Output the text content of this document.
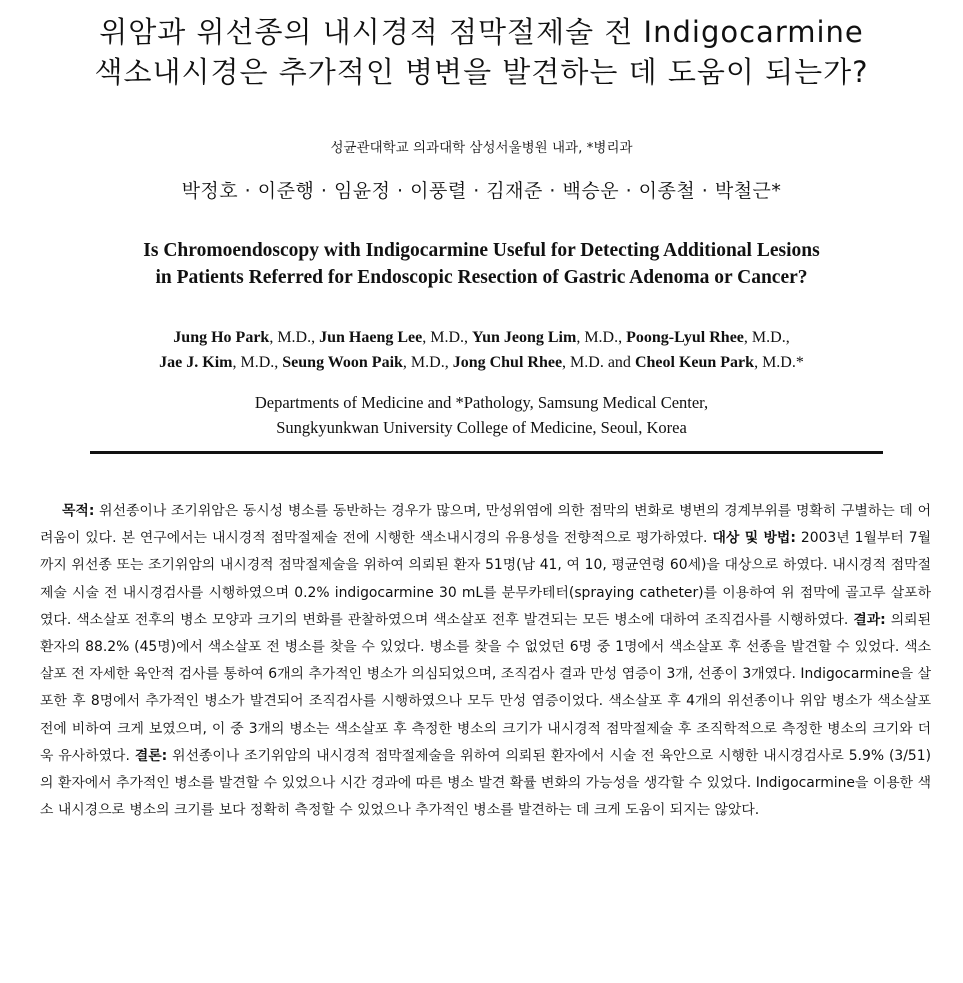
위암과 위선종의 내시경적 점막절제술 전 Indigocarmine
색소내시경은 추가적인 병변을 발견하는 데 도움이 되는가?
성균관대학교 의과대학 삼성서울병원 내과, *병리과
박정호 · 이준행 · 임윤정 · 이풍렬 · 김재준 · 백승운 · 이종철 · 박철근*
Is Chromoendoscopy with Indigocarmine Useful for Detecting Additional Lesions
in Patients Referred for Endoscopic Resection of Gastric Adenoma or Cancer?
Jung Ho Park, M.D., Jun Haeng Lee, M.D., Yun Jeong Lim, M.D., Poong-Lyul Rhee, M.D.,
Jae J. Kim, M.D., Seung Woon Paik, M.D., Jong Chul Rhee, M.D. and Cheol Keun Park, M.D.*
Departments of Medicine and *Pathology, Samsung Medical Center,
Sungkyunkwan University College of Medicine, Seoul, Korea
목적: 위선종이나 조기위암은 동시성 병소를 동반하는 경우가 많으며, 만성위염에 의한 점막의 변화로 병변의 경계부위를 명확히 구별하는 데 어려움이 있다. 본 연구에서는 내시경적 점막절제술 전에 시행한 색소내시경의 유용성을 전향적으로 평가하였다. 대상 및 방법: 2003년 1월부터 7월까지 위선종 또는 조기위암의 내시경적 점막절제술을 위하여 의뢰된 환자 51명(남 41, 여 10, 평균연령 60세)을 대상으로 하였다. 내시경적 점막절제술 시술 전 내시경검사를 시행하였으며 0.2% indigocarmine 30 mL를 분무카테터(spraying catheter)를 이용하여 위 점막에 골고루 살포하였다. 색소살포 전후의 병소 모양과 크기의 변화를 관찰하였으며 색소살포 전후 발견되는 모든 병소에 대하여 조직검사를 시행하였다. 결과: 의뢰된 환자의 88.2% (45명)에서 색소살포 전 병소를 찾을 수 있었다. 병소를 찾을 수 없었던 6명 중 1명에서 색소살포 후 선종을 발견할 수 있었다. 색소살포 전 자세한 육안적 검사를 통하여 6개의 추가적인 병소가 의심되었으며, 조직검사 결과 만성 염증이 3개, 선종이 3개였다. Indigocarmine을 살포한 후 8명에서 추가적인 병소가 발견되어 조직검사를 시행하였으나 모두 만성 염증이었다. 색소살포 후 4개의 위선종이나 위암 병소가 색소살포 전에 비하여 크게 보였으며, 이 중 3개의 병소는 색소살포 후 측정한 병소의 크기가 내시경적 점막절제술 후 조직학적으로 측정한 병소의 크기와 더욱 유사하였다. 결론: 위선종이나 조기위암의 내시경적 점막절제술을 위하여 의뢰된 환자에서 시술 전 육안으로 시행한 내시경검사로 5.9% (3/51)의 환자에서 추가적인 병소를 발견할 수 있었으나 시간 경과에 따른 병소 발견 확률 변화의 가능성을 생각할 수 있었다. Indigocarmine을 이용한 색소 내시경으로 병소의 크기를 보다 정확히 측정할 수 있었으나 추가적인 병소를 발견하는 데 크게 도움이 되지는 않았다.
